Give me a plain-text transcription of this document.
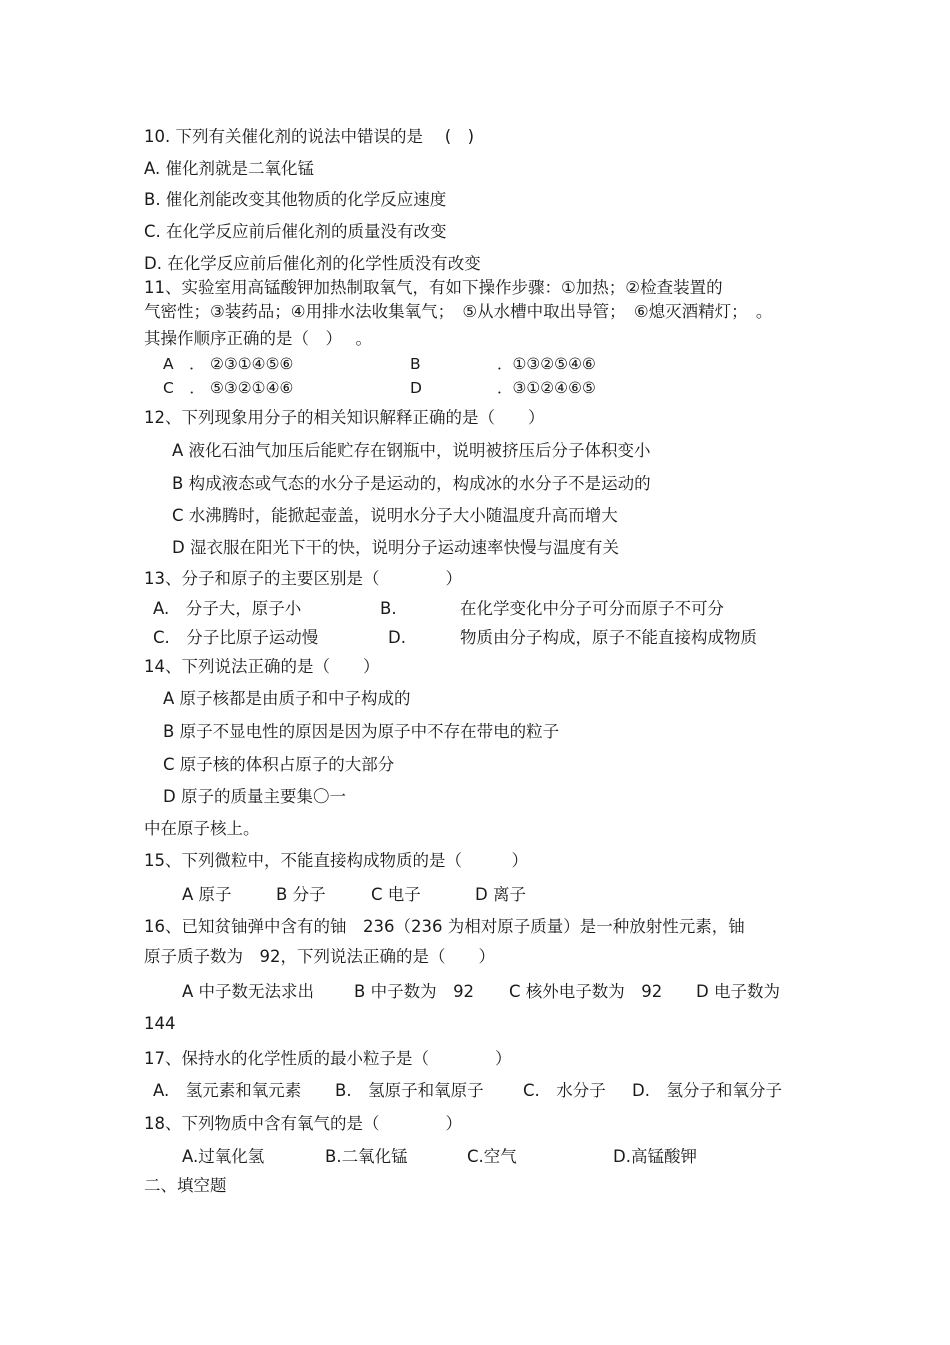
10. 下列有关催化剂的说法中错误的是　 (　)
A. 催化剂就是二氧化锰
B. 催化剂能改变其他物质的化学反应速度
C. 在化学反应前后催化剂的质量没有改变
D. 在化学反应前后催化剂的化学性质没有改变
11、实验室用高锰酸钾加热制取氧气，有如下操作步骤：①加热；②检查装置的
气密性；③装药品；④用排水法收集氧气；　⑤从水槽中取出导管；　⑥熄灭酒精灯；　。
其操作顺序正确的是（　）　 。
A　． ②③①④⑤⑥	B	．①③②⑤④⑥
C　． ⑤③②①④⑥	D	．③①②④⑥⑤
12、下列现象用分子的相关知识解释正确的是（　　）
A 液化石油气加压后能贮存在钢瓶中，说明被挤压后分子体积变小
B 构成液态或气态的水分子是运动的，构成冰的水分子不是运动的
C 水沸腾时，能掀起壶盖，说明水分子大小随温度升高而增大
D 湿衣服在阳光下干的快，说明分子运动速率快慢与温度有关
13、分子和原子的主要区别是（　　　　）
A.　分子大，原子小	B.	在化学变化中分子可分而原子不可分
C.　分子比原子运动慢	D.	物质由分子构成，原子不能直接构成物质
14、下列说法正确的是（　　）
A 原子核都是由质子和中子构成的
B 原子不显电性的原因是因为原子中不存在带电的粒子
C 原子核的体积占原子的大部分
D 原子的质量主要集〇一
中在原子核上。
15、下列微粒中，不能直接构成物质的是（　　　）
A 原子	B 分子	C 电子	D 离子
16、已知贫铀弹中含有的铀　236（236 为相对原子质量）是一种放射性元素，铀
原子质子数为　92，下列说法正确的是（　　）
A 中子数无法求出 B 中子数为　92 C 核外电子数为　92 D 电子数为
144
17、保持水的化学性质的最小粒子是（　　　　）
A.　氢元素和氧元素 B.　氢原子和氧原子 C.　水分子 D.　氢分子和氧分子
18、下列物质中含有氧气的是（　　　　）
A.过氧化氢	B.二氧化锰	C.空气	D.高锰酸钾
二、填空题
